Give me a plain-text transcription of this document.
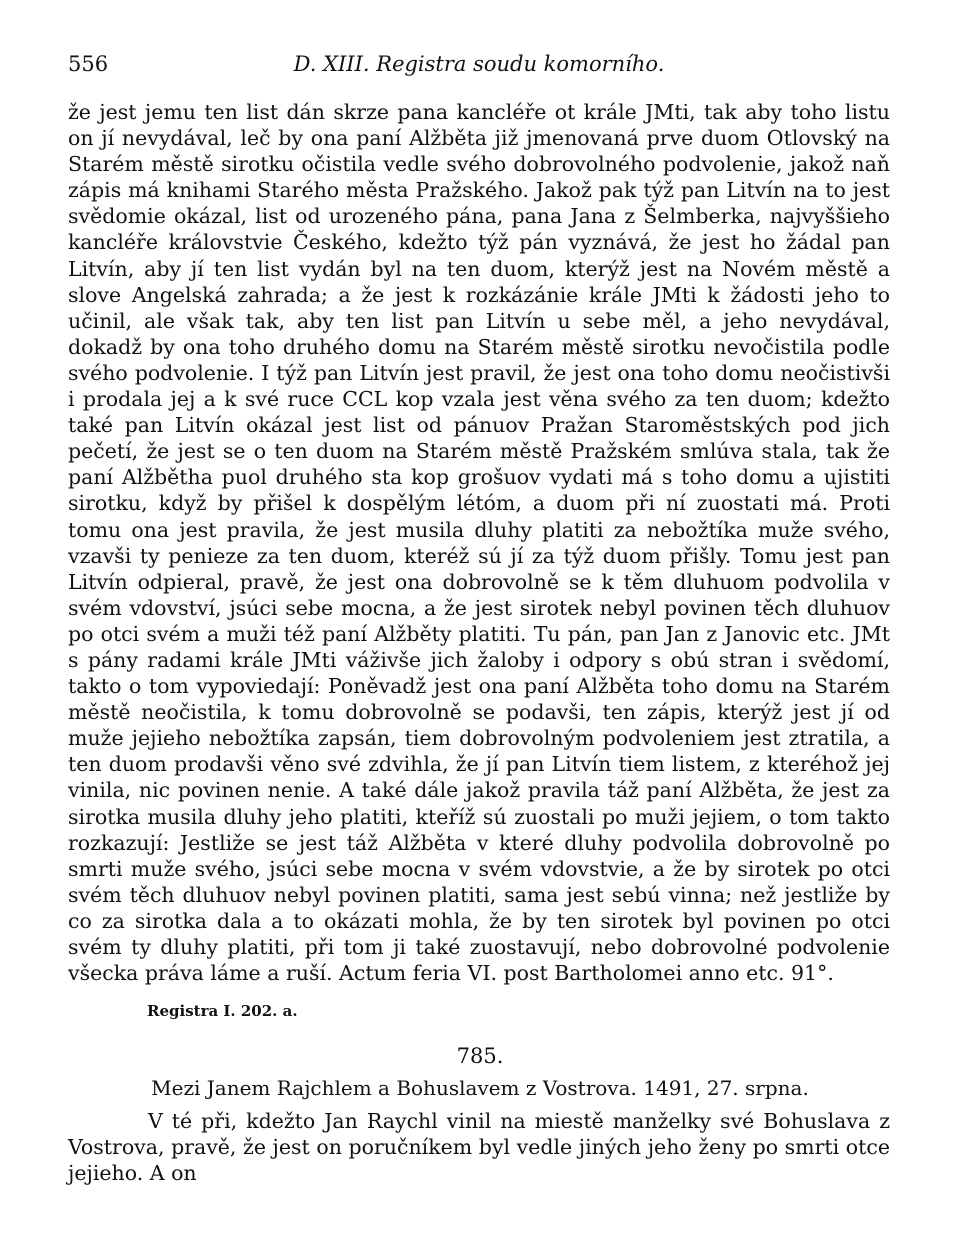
556	D. XIII. Registra soudu komorního.
že jest jemu ten list dán skrze pana kancléře ot krále JMti, tak aby toho listu on jí nevydával, leč by ona paní Alžběta již jmenovaná prve duom Otlovský na Starém městě sirotku očistila vedle svého dobrovolného podvolenie, jakož naň zápis má knihami Starého města Pražského. Jakož pak týž pan Litvín na to jest svědomie okázal, list od urozeného pána, pana Jana z Šelmberka, najvyššieho kancléře královstvie Českého, kdežto týž pán vyznává, že jest ho žádal pan Litvín, aby jí ten list vydán byl na ten duom, kterýž jest na Novém městě a slove Angelská zahrada; a že jest k rozkázánie krále JMti k žádosti jeho to učinil, ale však tak, aby ten list pan Litvín u sebe měl, a jeho nevydával, dokadž by ona toho druhého domu na Starém městě sirotku nevočistila podle svého podvolenie. I týž pan Litvín jest pravil, že jest ona toho domu neočistivši i prodala jej a k své ruce CCL kop vzala jest věna svého za ten duom; kdežto také pan Litvín okázal jest list od pánuov Pražan Staroměstských pod jich pečetí, že jest se o ten duom na Starém městě Pražském smlúva stala, tak že paní Alžbětha puol druhého sta kop grošuov vydati má s toho domu a ujistiti sirotku, když by přišel k dospělým létóm, a duom při ní zuostati má. Proti tomu ona jest pravila, že jest musila dluhy platiti za nebožtíka muže svého, vzavši ty penieze za ten duom, kteréž sú jí za týž duom přišly. Tomu jest pan Litvín odpieral, pravě, že jest ona dobrovolně se k těm dluhuom podvolila v svém vdovství, jsúci sebe mocna, a že jest sirotek nebyl povinen těch dluhuov po otci svém a muži též paní Alžběty platiti. Tu pán, pan Jan z Janovic etc. JMt s pány radami krále JMti váživše jich žaloby i odpory s obú stran i svědomí, takto o tom vypoviedají: Poněvadž jest ona paní Alžběta toho domu na Starém městě neočistila, k tomu dobrovolně se podavši, ten zápis, kterýž jest jí od muže jejieho nebožtíka zapsán, tiem dobrovolným podvoleniem jest ztratila, a ten duom prodavši věno své zdvihla, že jí pan Litvín tiem listem, z kteréhož jej vinila, nic povinen nenie. A také dále jakož pravila táž paní Alžběta, že jest za sirotka musila dluhy jeho platiti, kteříž sú zuostali po muži jejiem, o tom takto rozkazují: Jestliže se jest táž Alžběta v které dluhy podvolila dobrovolně po smrti muže svého, jsúci sebe mocna v svém vdovstvie, a že by sirotek po otci svém těch dluhuov nebyl povinen platiti, sama jest sebú vinna; než jestliže by co za sirotka dala a to okázati mohla, že by ten sirotek byl povinen po otci svém ty dluhy platiti, při tom ji také zuostavují, nebo dobrovolné podvolenie všecka práva láme a ruší. Actum feria VI. post Bartholomei anno etc. 91°.
Registra I. 202. a.
785.
Mezi Janem Rajchlem a Bohuslavem z Vostrova. 1491, 27. srpna.
V té při, kdežto Jan Raychl vinil na miestě manželky své Bohuslava z Vostrova, pravě, že jest on poručníkem byl vedle jiných jeho ženy po smrti otce jejieho. A on
